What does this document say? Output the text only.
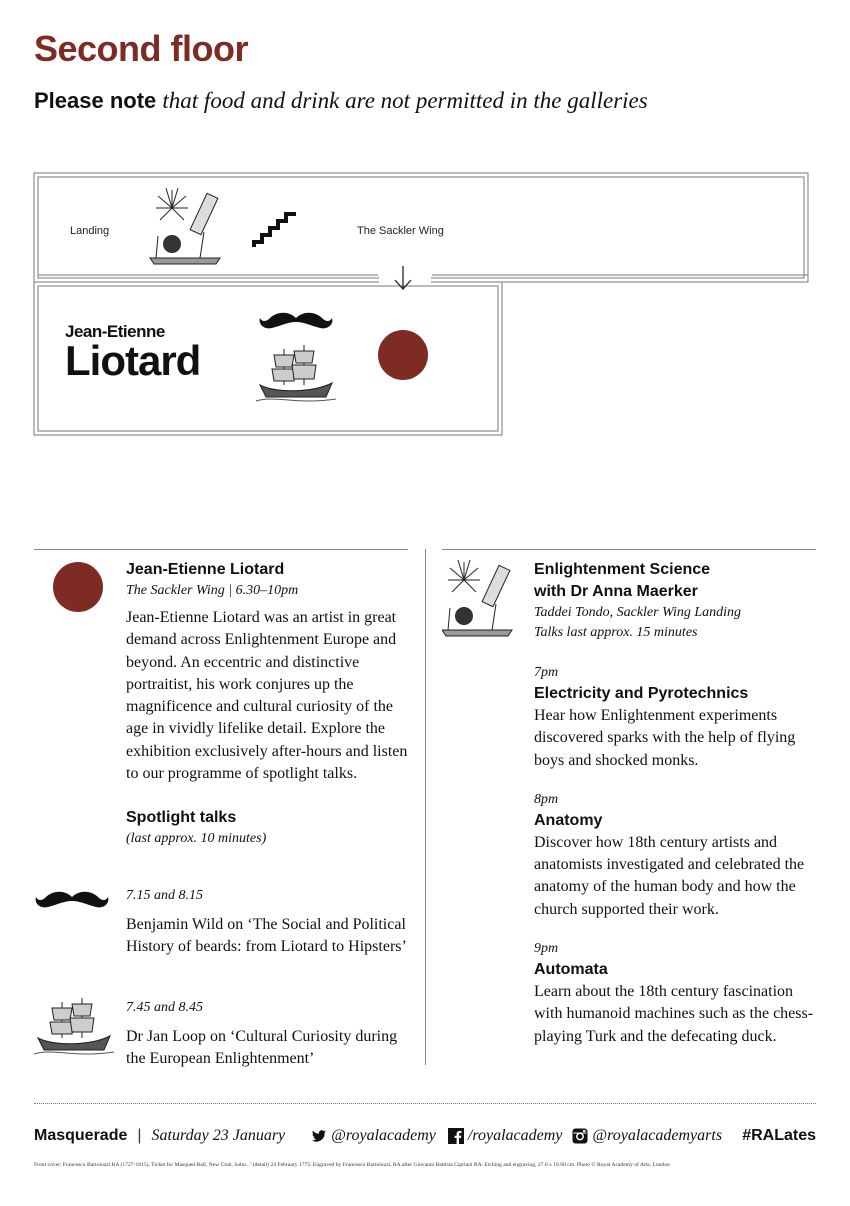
Second floor

Please note that food and drink are not permitted in the galleries

Landing	The Sackler Wing
Jean-Etienne
Liotard
Jean-Etienne Liotard
The Sackler Wing | 6.30–10pm

Jean-Etienne Liotard was an artist in great demand across Enlightenment Europe and beyond. An eccentric and distinctive portraitist, his work conjures up the magnificence and cultural curiosity of the age in vividly lifelike detail. Explore the exhibition exclusively after-hours and listen to our programme of spotlight talks.

Spotlight talks
(last approx. 10 minutes)
7.15 and 8.15

Benjamin Wild on ‘The Social and Political History of beards: from Liotard to Hipsters’

7.45 and 8.45

Dr Jan Loop on ‘Cultural Curiosity during the European Enlightenment’

Enlightenment Science
with Dr Anna Maerker
Taddei Tondo, Sackler Wing Landing
Talks last approx. 15 minutes
7pm
Electricity and Pyrotechnics

Hear how Enlightenment experiments discovered sparks with the help of flying boys and shocked monks.

8pm
Anatomy

Discover how 18th century artists and anatomists investigated and celebrated the anatomy of the human body and how the church supported their work.

9pm
Automata

Learn about the 18th century fascination with humanoid machines such as the chess-playing Turk and the defecating duck.

Masquerade | Saturday 23 January	@royalacademy /royalacademy @royalacademyarts #RALates
Front cover: Francesco Bartolozzi RA (1727-1815), Ticket for Masqued Ball, New Club, Soho...’ (detail) 24 February 1775. Engraved by Francesco Bartolozzi, RA after Giovanni Battista Cipriani RA. Etching and engraving, 27.0 x 18.60 cm. Photo © Royal Academy of Arts, London
